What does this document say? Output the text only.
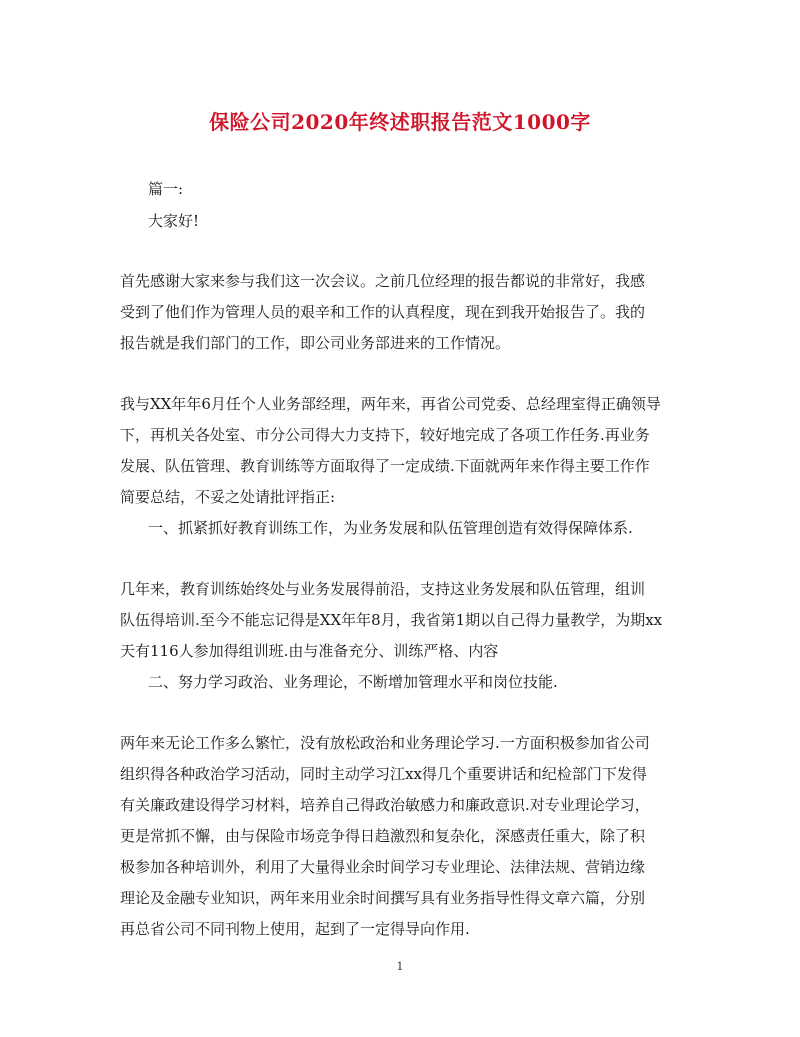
保险公司2020年终述职报告范文1000字
篇一:
大家好!
首先感谢大家来参与我们这一次会议。之前几位经理的报告都说的非常好，我感
受到了他们作为管理人员的艰辛和工作的认真程度，现在到我开始报告了。我的
报告就是我们部门的工作，即公司业务部进来的工作情况。
我与XX年年6月任个人业务部经理，两年来，再省公司党委、总经理室得正确领导
下，再机关各处室、市分公司得大力支持下，较好地完成了各项工作任务.再业务
发展、队伍管理、教育训练等方面取得了一定成绩.下面就两年来作得主要工作作
简要总结，不妥之处请批评指正:
一、抓紧抓好教育训练工作，为业务发展和队伍管理创造有效得保障体系.
几年来，教育训练始终处与业务发展得前沿，支持这业务发展和队伍管理，组训
队伍得培训.至今不能忘记得是XX年年8月，我省第1期以自己得力量教学，为期xx
天有116人参加得组训班.由与准备充分、训练严格、内容
二、努力学习政治、业务理论，不断增加管理水平和岗位技能.
两年来无论工作多么繁忙，没有放松政治和业务理论学习.一方面积极参加省公司
组织得各种政治学习活动，同时主动学习江xx得几个重要讲话和纪检部门下发得
有关廉政建设得学习材料，培养自己得政治敏感力和廉政意识.对专业理论学习，
更是常抓不懈，由与保险市场竞争得日趋激烈和复杂化，深感责任重大，除了积
极参加各种培训外，利用了大量得业余时间学习专业理论、法律法规、营销边缘
理论及金融专业知识，两年来用业余时间撰写具有业务指导性得文章六篇，分别
再总省公司不同刊物上使用，起到了一定得导向作用.
1
